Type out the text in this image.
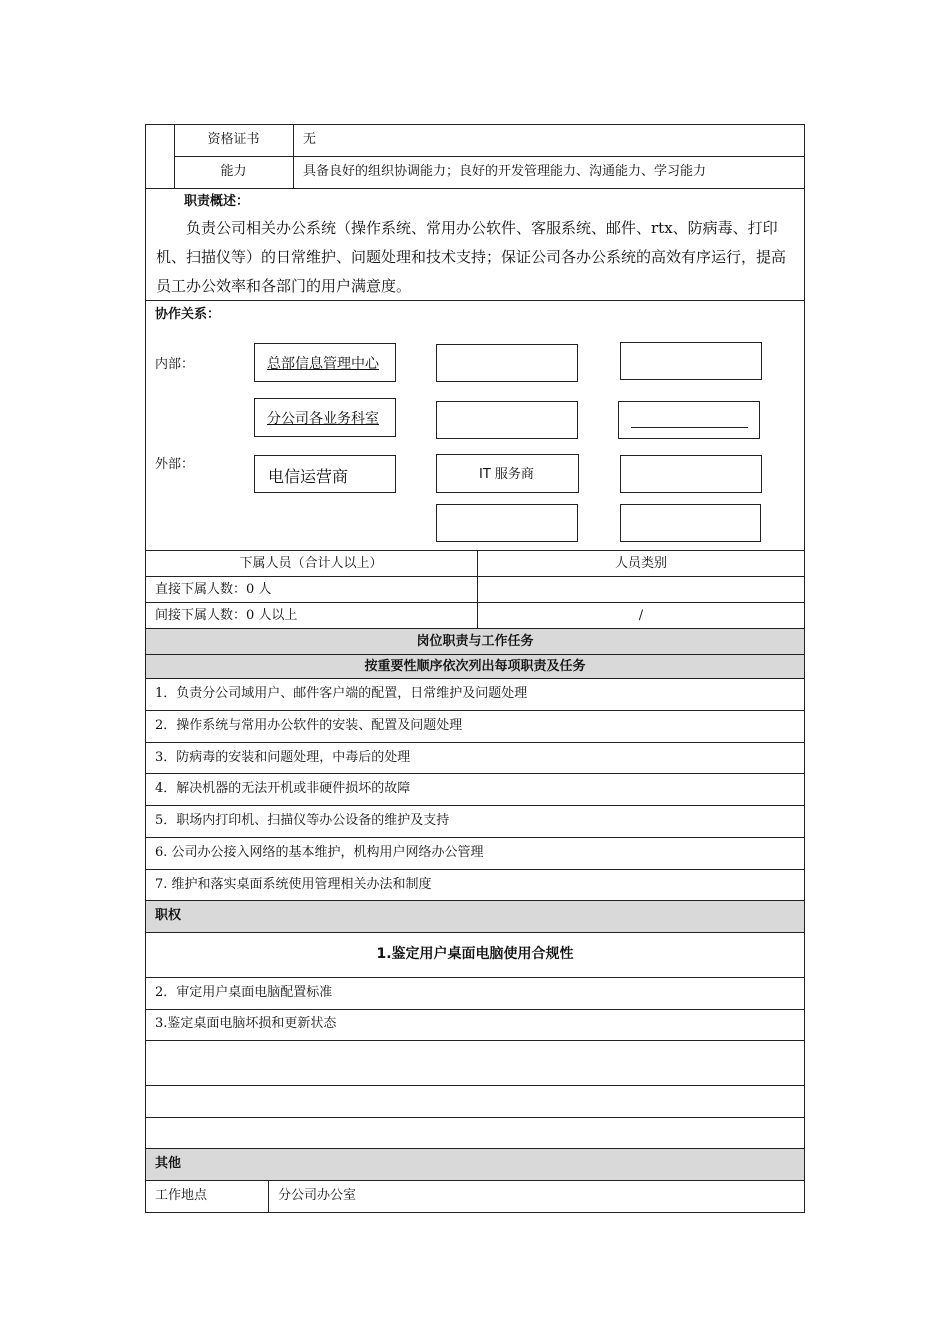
资格证书	无
能力	具备良好的组织协调能力；良好的开发管理能力、沟通能力、学习能力
职责概述：
负责公司相关办公系统（操作系统、常用办公软件、客服系统、邮件、rtx、防病毒、打印机、扫描仪等）的日常维护、问题处理和技术支持；保证公司各办公系统的高效有序运行，提高员工办公效率和各部门的用户满意度。
协作关系：
内部：
外部：
总部信息管理中心
分公司各业务科室
电信运营商	IT 服务商
下属人员（合计人以上）	人员类别
直接下属人数：0 人
间接下属人数：0 人以上	/
岗位职责与工作任务
按重要性顺序依次列出每项职责及任务
1．负责分公司域用户、邮件客户端的配置，日常维护及问题处理
2．操作系统与常用办公软件的安装、配置及问题处理
3．防病毒的安装和问题处理，中毒后的处理
4．解决机器的无法开机或非硬件损坏的故障
5．职场内打印机、扫描仪等办公设备的维护及支持
6. 公司办公接入网络的基本维护，机构用户网络办公管理
7. 维护和落实桌面系统使用管理相关办法和制度
职权
1.鉴定用户桌面电脑使用合规性
2．审定用户桌面电脑配置标准
3.鉴定桌面电脑坏损和更新状态
其他
工作地点	分公司办公室
